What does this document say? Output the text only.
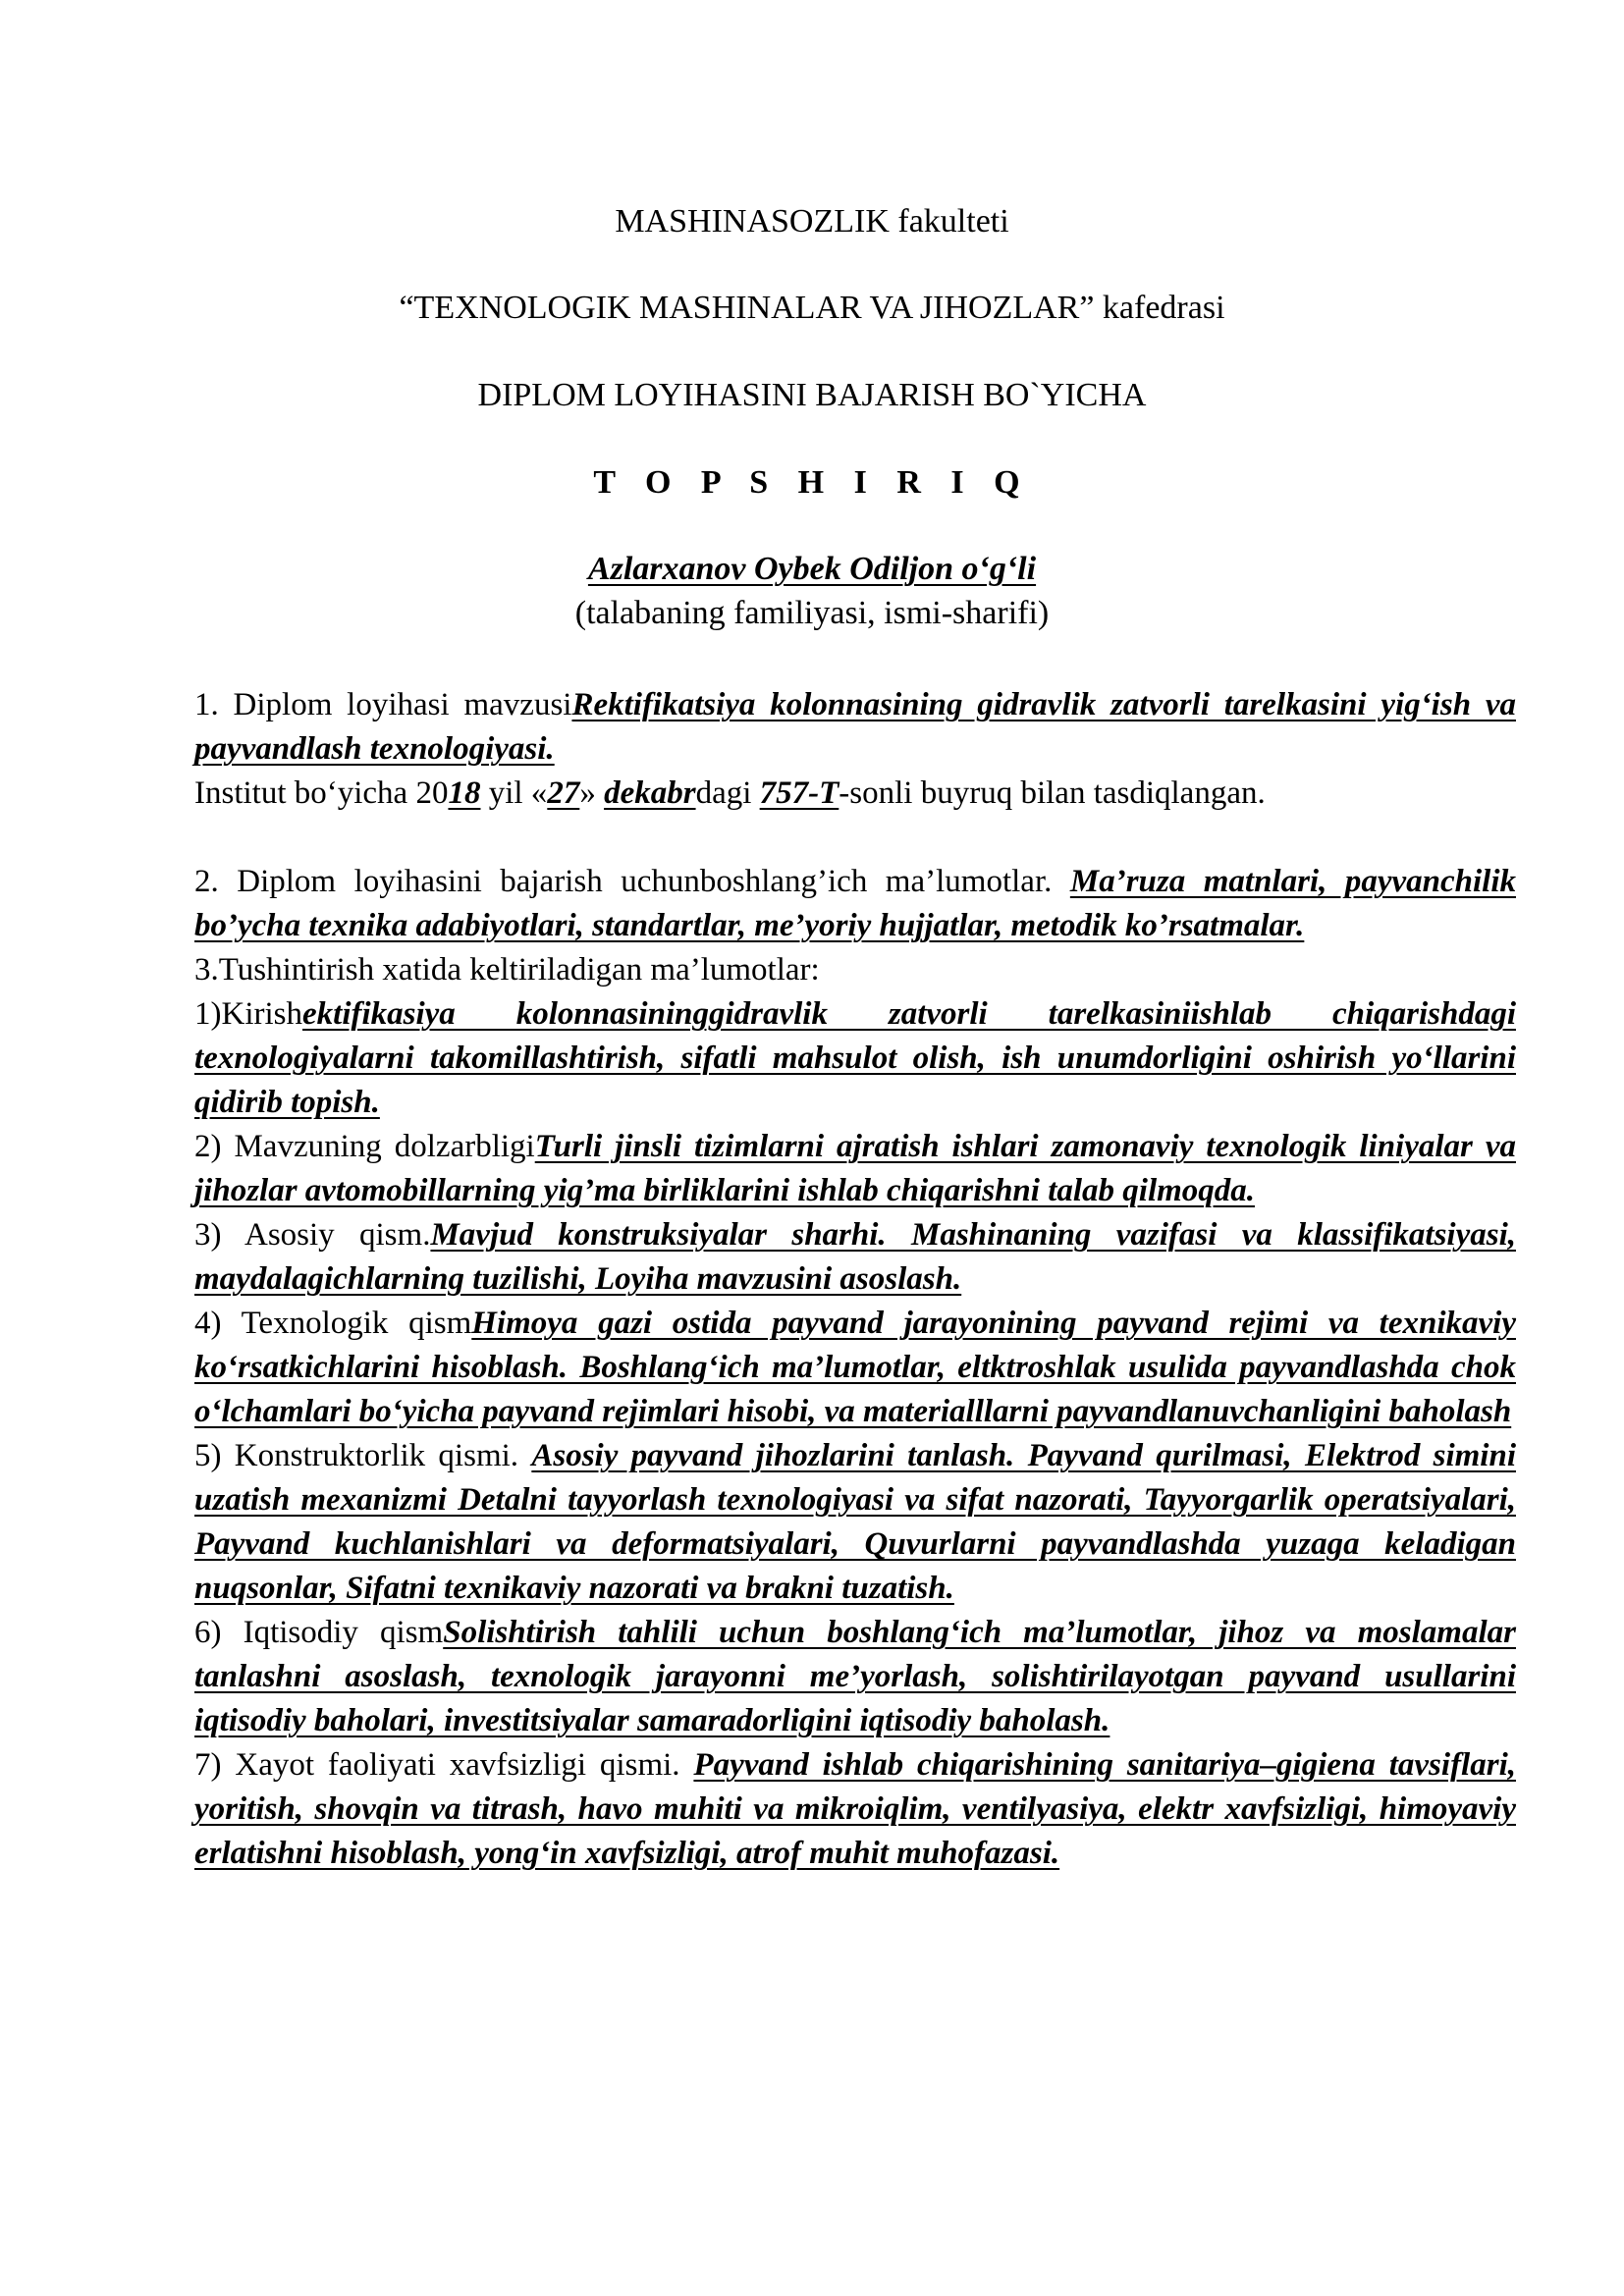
MASHINASOZLIK fakulteti
“TEXNOLOGIK MASHINALAR VA JIHOZLAR” kafedrasi
DIPLOM LOYIHASINI BAJARISH BO`YICHA
T O P S H I R I Q
Azlarxanov Oybek Odiljon o‘g‘li
(talabaning familiyasi, ismi-sharifi)

1. Diplom loyihasi mavzusiRektifikatsiya kolonnasining gidravlik zatvorli tarelkasini yig‘ish va payvandlash texnologiyasi.

Institut bo‘yicha 2018 yil «27» dekabrdagi 757-T-sonli buyruq bilan tasdiqlangan.

2. Diplom loyihasini bajarish uchunboshlang’ich ma’lumotlar. Ma’ruza matnlari, payvanchilik bo’ycha texnika adabiyotlari, standartlar, me’yoriy hujjatlar, metodik ko’rsatmalar.

3.Tushintirish xatida keltiriladigan ma’lumotlar:

1)Kirishektifikasiya kolonnasininggidravlik zatvorli tarelkasiniishlab chiqarishdagi texnologiyalarni takomillashtirish, sifatli mahsulot olish, ish unumdorligini oshirish yo‘llarini qidirib topish.

2) Mavzuning dolzarbligiTurli jinsli tizimlarni ajratish ishlari zamonaviy texnologik liniyalar va jihozlar avtomobillarning yig’ma birliklarini ishlab chiqarishni talab qilmoqda.

3) Asosiy qism.Mavjud konstruksiyalar sharhi. Mashinaning vazifasi va klassifikatsiyasi, maydalagichlarning tuzilishi, Loyiha mavzusini asoslash.

4) Texnologik qismHimoya gazi ostida payvand jarayonining payvand rejimi va texnikaviy ko‘rsatkichlarini hisoblash. Boshlang‘ich ma’lumotlar, eltktroshlak usulida payvandlashda chok o‘lchamlari bo‘yicha payvand rejimlari hisobi, va materialllarni payvandlanuvchanligini baholash

5) Konstruktorlik qismi. Asosiy payvand jihozlarini tanlash. Payvand qurilmasi, Elektrod simini uzatish mexanizmi Detalni tayyorlash texnologiyasi va sifat nazorati, Tayyorgarlik operatsiyalari, Payvand kuchlanishlari va deformatsiyalari, Quvurlarni payvandlashda yuzaga keladigan nuqsonlar, Sifatni texnikaviy nazorati va brakni tuzatish.

6) Iqtisodiy qismSolishtirish tahlili uchun boshlang‘ich ma’lumotlar, jihoz va moslamalar tanlashni asoslash, texnologik jarayonni me’yorlash, solishtirilayotgan payvand usullarini iqtisodiy baholari, investitsiyalar samaradorligini iqtisodiy baholash.

7) Xayot faoliyati xavfsizligi qismi. Payvand ishlab chiqarishining sanitariya–gigiena tavsiflari, yoritish, shovqin va titrash, havo muhiti va mikroiqlim, ventilyasiya, elektr xavfsizligi, himoyaviy erlatishni hisoblash, yong‘in xavfsizligi, atrof muhit muhofazasi.
